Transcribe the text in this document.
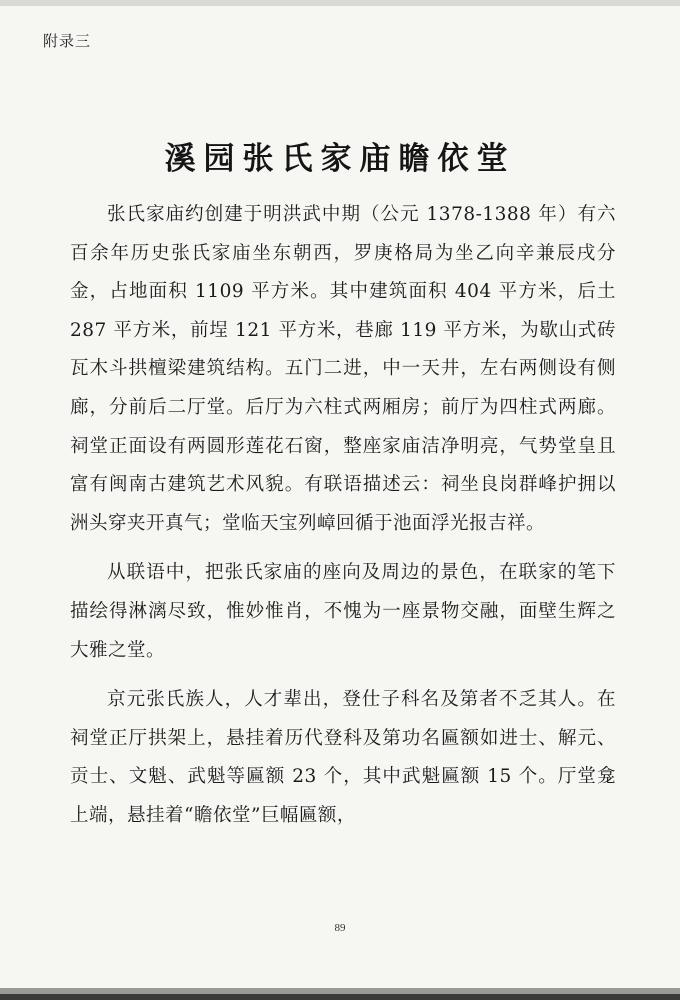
附录三
溪园张氏家庙瞻依堂

张氏家庙约创建于明洪武中期（公元 1378-1388 年）有六百余年历史张氏家庙坐东朝西，罗庚格局为坐乙向辛兼辰戌分金，占地面积 1109 平方米。其中建筑面积 404 平方米，后土 287 平方米，前埕 121 平方米，巷廊 119 平方米，为歇山式砖瓦木斗拱檀梁建筑结构。五门二进，中一天井，左右两侧设有侧廊，分前后二厅堂。后厅为六柱式两厢房；前厅为四柱式两廊。祠堂正面设有两圆形莲花石窗，整座家庙洁净明亮，气势堂皇且富有闽南古建筑艺术风貌。有联语描述云：祠坐良岗群峰护拥以洲头穿夹开真气；堂临天宝列嶂回循于池面浮光报吉祥。

从联语中，把张氏家庙的座向及周边的景色，在联家的笔下描绘得淋漓尽致，惟妙惟肖，不愧为一座景物交融，面壁生辉之大雅之堂。

京元张氏族人，人才辈出，登仕子科名及第者不乏其人。在祠堂正厅拱架上，悬挂着历代登科及第功名匾额如进士、解元、贡士、文魁、武魁等匾额 23 个，其中武魁匾额 15 个。厅堂龛上端，悬挂着“瞻依堂”巨幅匾额，

89
